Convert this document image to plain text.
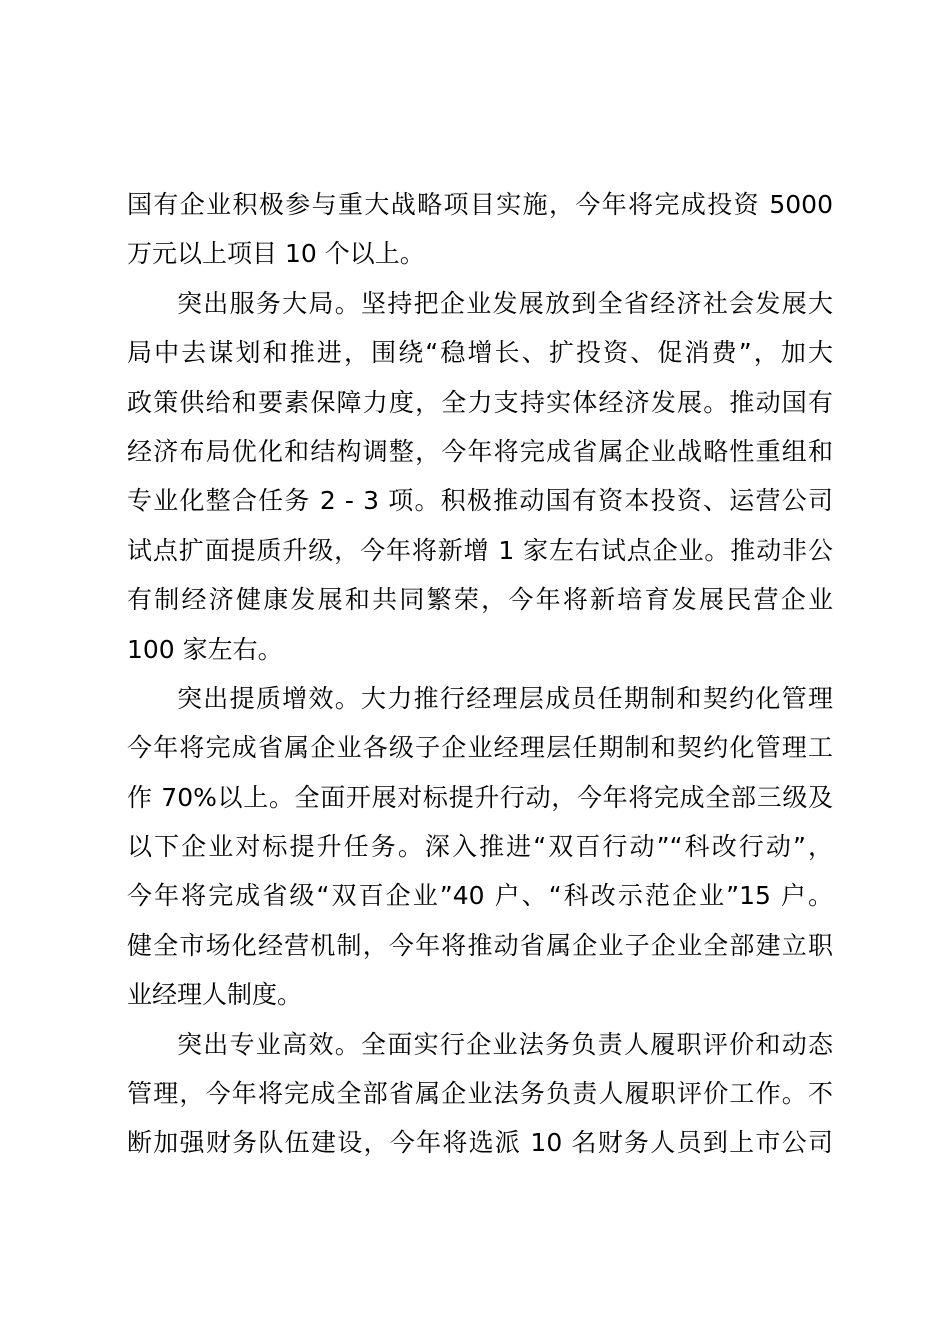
国有企业积极参与重大战略项目实施，今年将完成投资 5000
万元以上项目 10 个以上。
突出服务大局。坚持把企业发展放到全省经济社会发展大
局中去谋划和推进，围绕“稳增长、扩投资、促消费”，加大
政策供给和要素保障力度，全力支持实体经济发展。推动国有
经济布局优化和结构调整，今年将完成省属企业战略性重组和
专业化整合任务 2 - 3 项。积极推动国有资本投资、运营公司
试点扩面提质升级，今年将新增 1 家左右试点企业。推动非公
有制经济健康发展和共同繁荣，今年将新培育发展民营企业
100 家左右。
突出提质增效。大力推行经理层成员任期制和契约化管理
今年将完成省属企业各级子企业经理层任期制和契约化管理工
作 70%以上。全面开展对标提升行动，今年将完成全部三级及
以下企业对标提升任务。深入推进“双百行动”“科改行动”，
今年将完成省级“双百企业”40 户、“科改示范企业”15 户。
健全市场化经营机制，今年将推动省属企业子企业全部建立职
业经理人制度。
突出专业高效。全面实行企业法务负责人履职评价和动态
管理，今年将完成全部省属企业法务负责人履职评价工作。不
断加强财务队伍建设，今年将选派 10 名财务人员到上市公司
